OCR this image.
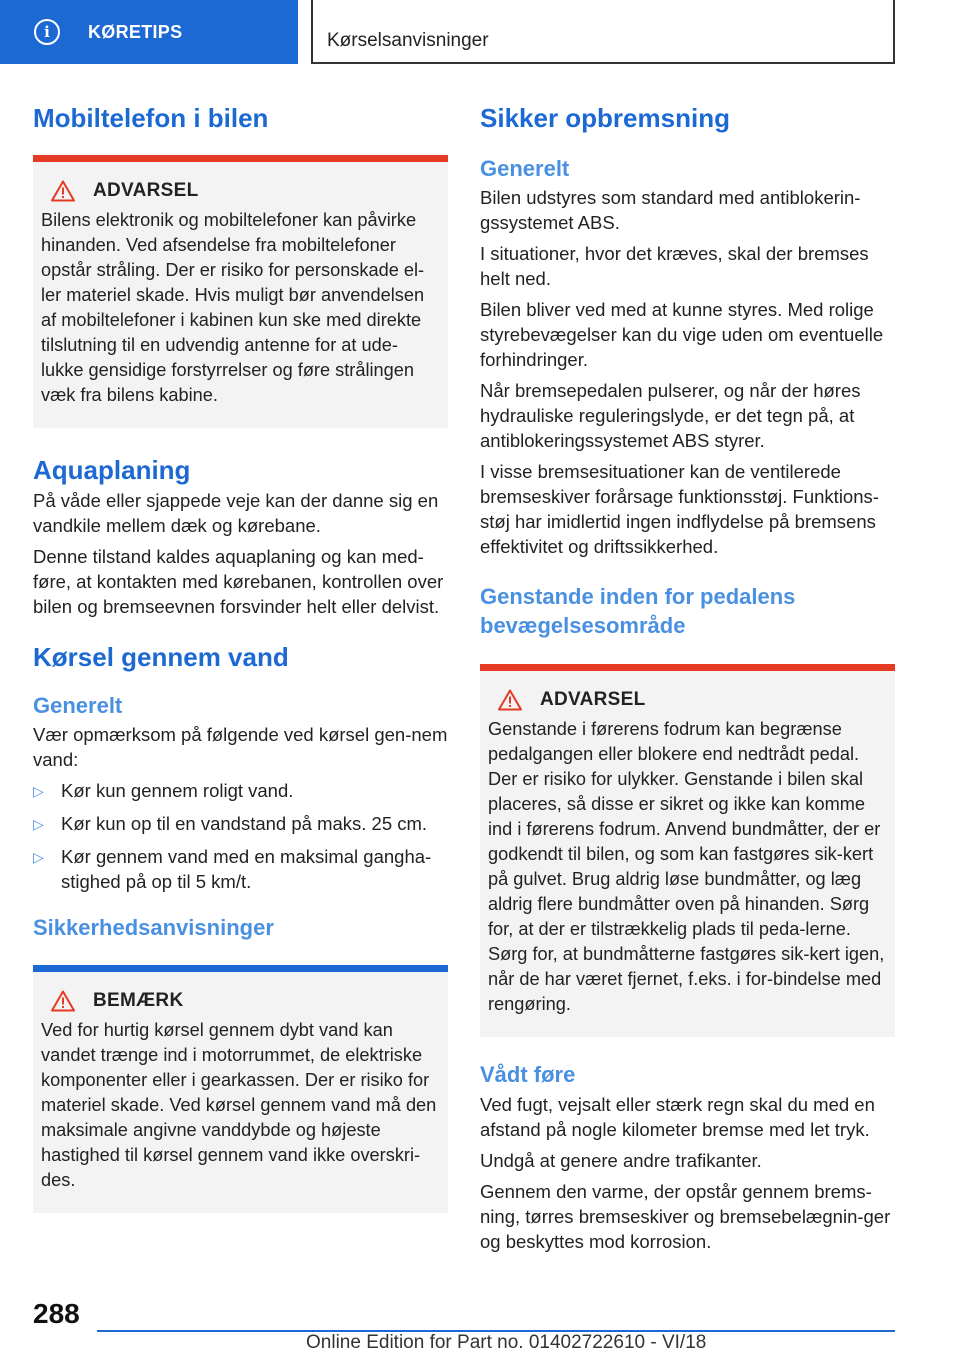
i	KØRETIPS	Kørselsanvisninger
Mobiltelefon i bilen
ADVARSEL

Bilens elektronik og mobiltelefoner kan påvirke hinanden. Ved afsendelse fra mobiltelefoner opstår stråling. Der er risiko for personskade el-ler materiel skade. Hvis muligt bør anvendelsen af mobiltelefoner i kabinen kun ske med direkte tilslutning til en udvendig antenne for at ude-lukke gensidige forstyrrelser og føre strålingen væk fra bilens kabine.

Aquaplaning

På våde eller sjappede veje kan der danne sig en vandkile mellem dæk og kørebane.

Denne tilstand kaldes aquaplaning og kan med-føre, at kontakten med kørebanen, kontrollen over bilen og bremseevnen forsvinder helt eller delvist.

Kørsel gennem vand
Generelt

Vær opmærksom på følgende ved kørsel gen-nem vand:

▷ Kør kun gennem roligt vand.
▷ Kør kun op til en vandstand på maks. 25 cm.
▷ Kør gennem vand med en maksimal gangha-stighed på op til 5 km/t.
Sikkerhedsanvisninger
BEMÆRK

Ved for hurtig kørsel gennem dybt vand kan vandet trænge ind i motorrummet, de elektriske komponenter eller i gearkassen. Der er risiko for materiel skade. Ved kørsel gennem vand må den maksimale angivne vanddybde og højeste hastighed til kørsel gennem vand ikke overskri-des.

Sikker opbremsning
Generelt

Bilen udstyres som standard med antiblokerin-gssystemet ABS.

I situationer, hvor det kræves, skal der bremses helt ned.

Bilen bliver ved med at kunne styres. Med rolige styrebevægelser kan du vige uden om eventuelle forhindringer.

Når bremsepedalen pulserer, og når der høres hydrauliske reguleringslyde, er det tegn på, at antiblokeringssystemet ABS styrer.

I visse bremsesituationer kan de ventilerede bremseskiver forårsage funktionsstøj. Funktions-støj har imidlertid ingen indflydelse på bremsens effektivitet og driftssikkerhed.

Genstande inden for pedalens bevægelsesområde
ADVARSEL

Genstande i førerens fodrum kan begrænse pedalgangen eller blokere end nedtrådt pedal. Der er risiko for ulykker. Genstande i bilen skal placeres, så disse er sikret og ikke kan komme ind i førerens fodrum. Anvend bundmåtter, der er godkendt til bilen, og som kan fastgøres sik-kert på gulvet. Brug aldrig løse bundmåtter, og læg aldrig flere bundmåtter oven på hinanden. Sørg for, at der er tilstrækkelig plads til peda-lerne. Sørg for, at bundmåtterne fastgøres sik-kert igen, når de har været fjernet, f.eks. i for-bindelse med rengøring.

Vådt føre

Ved fugt, vejsalt eller stærk regn skal du med en afstand på nogle kilometer bremse med let tryk.

Undgå at genere andre trafikanter.

Gennem den varme, der opstår gennem brems-ning, tørres bremseskiver og bremsebelægnin-ger og beskyttes mod korrosion.

288
Online Edition for Part no. 01402722610 - VI/18
